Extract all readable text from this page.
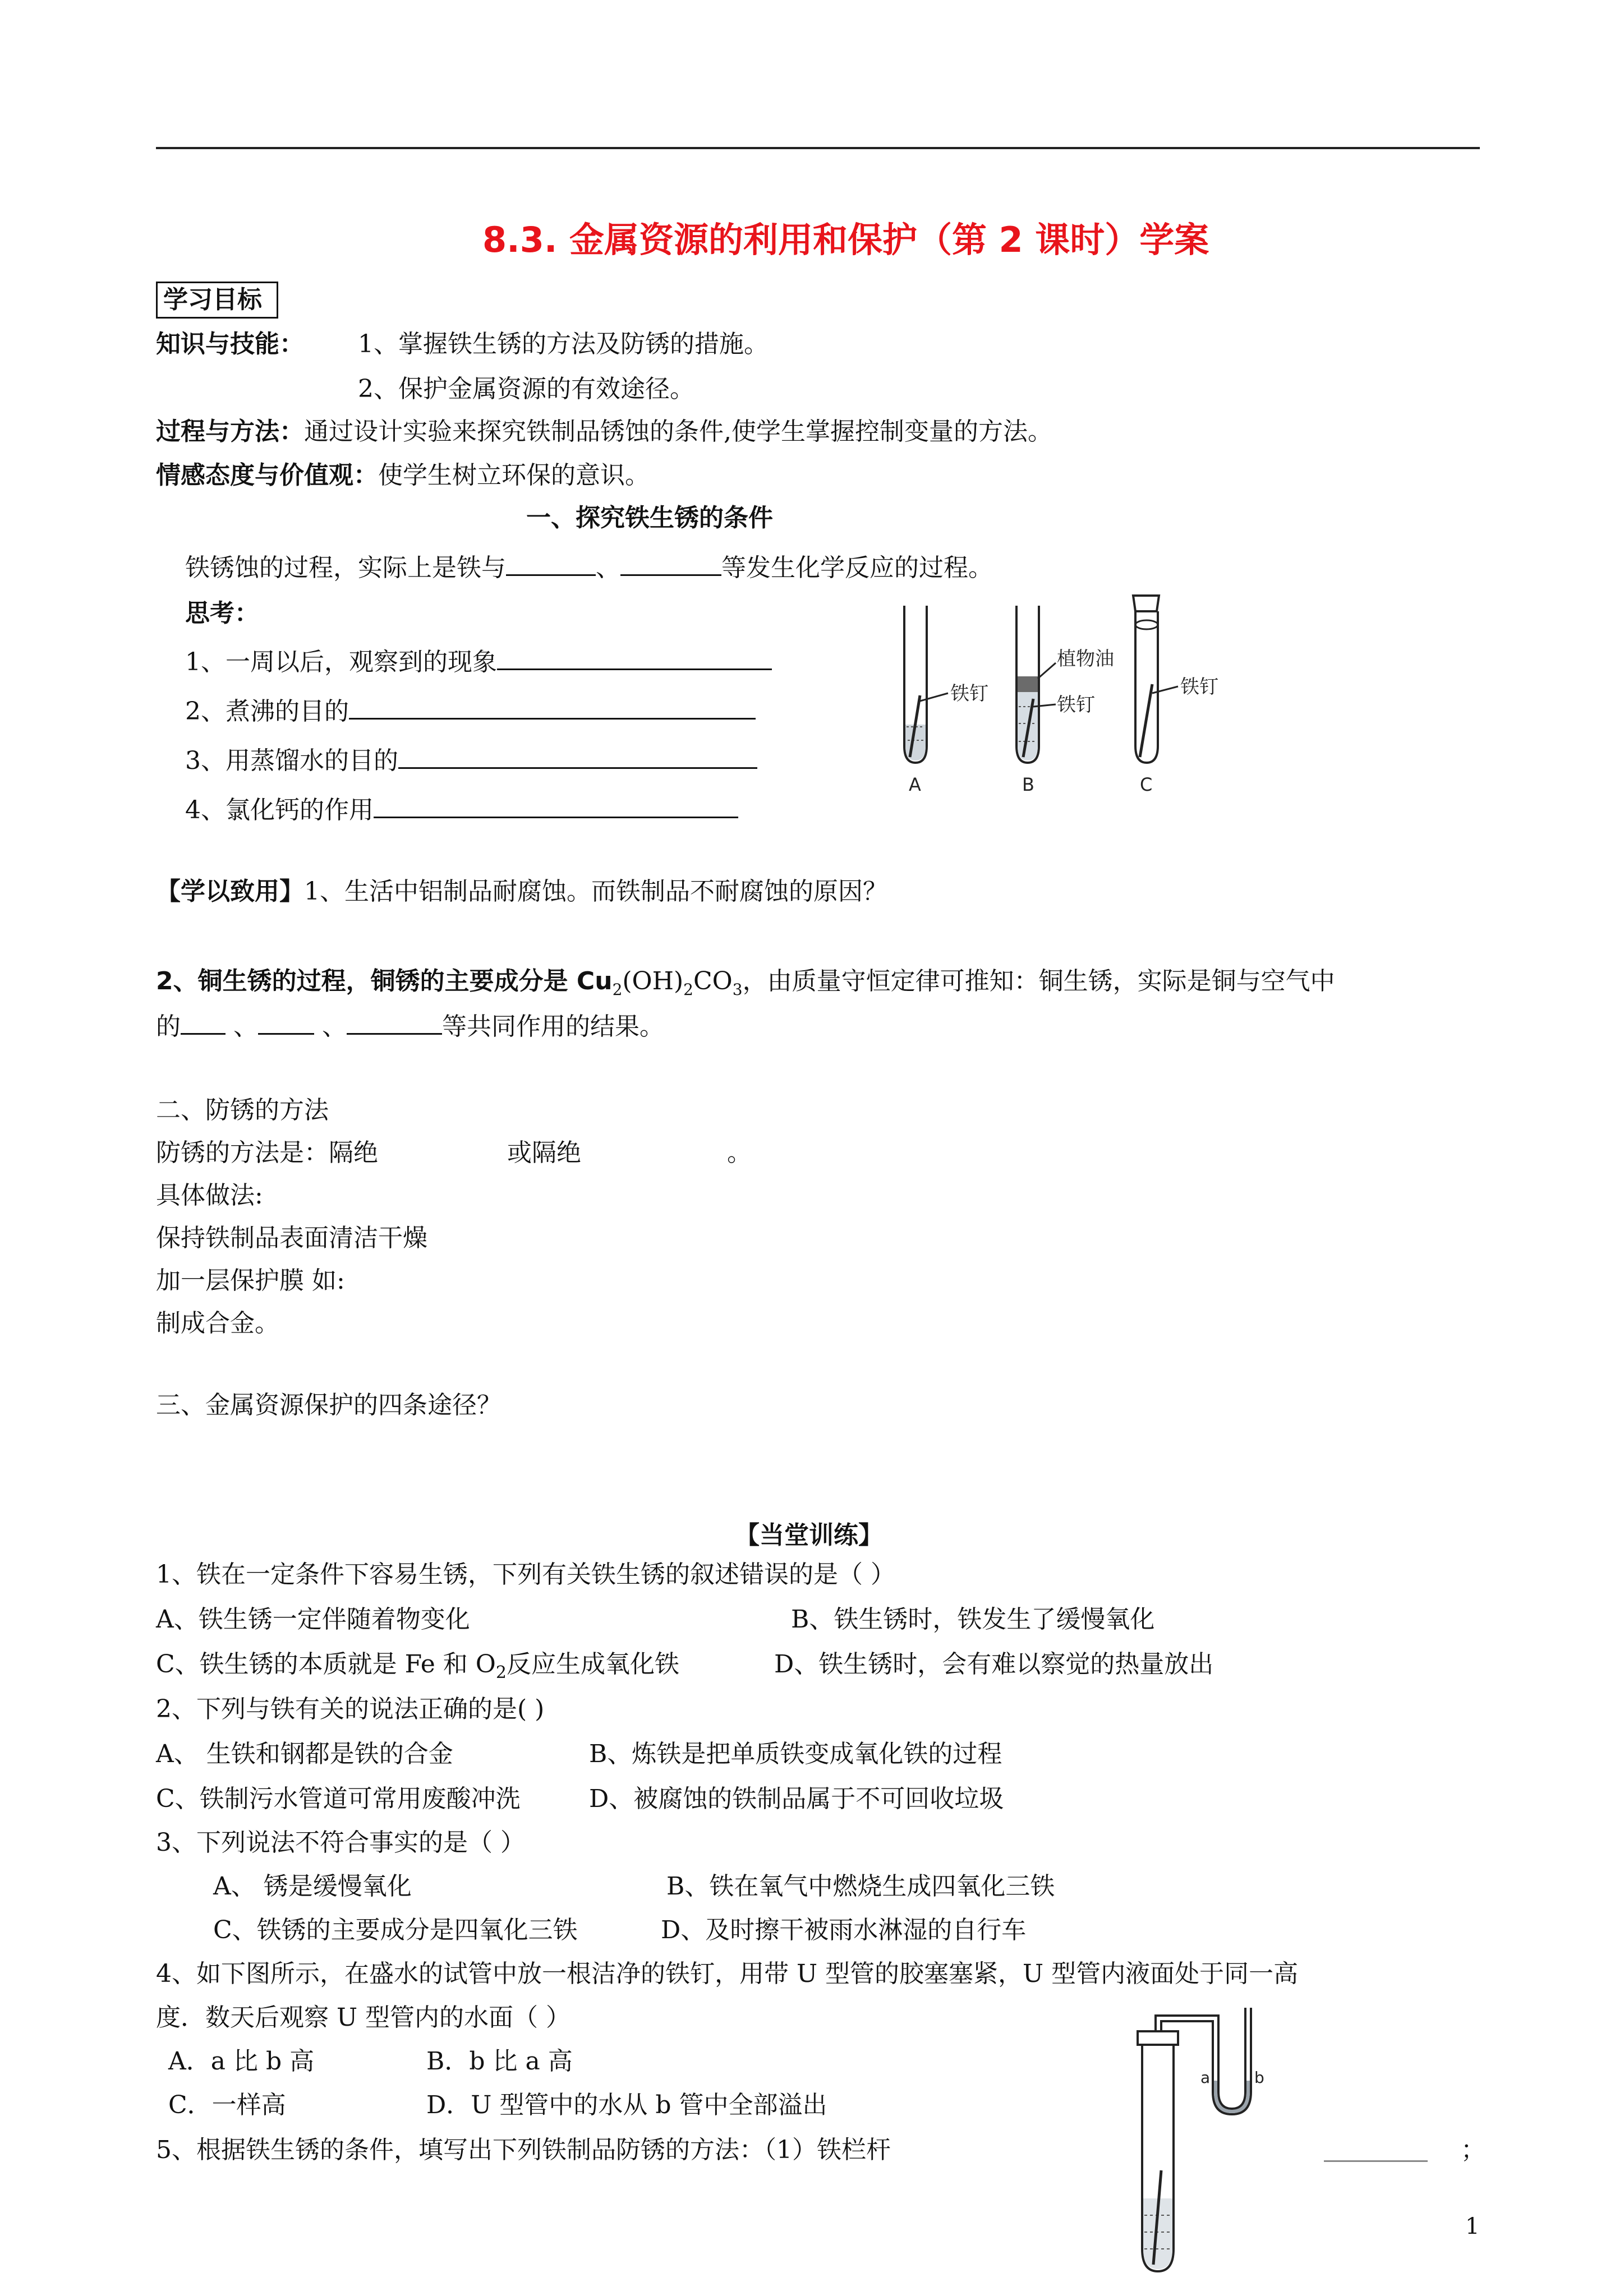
8.3. 金属资源的利用和保护（第 2 课时）学案
学习目标
知识与技能： 1、掌握铁生锈的方法及防锈的措施。
2、保护金属资源的有效途径。
过程与方法：通过设计实验来探究铁制品锈蚀的条件,使学生掌握控制变量的方法。
情感态度与价值观：使学生树立环保的意识。
一、探究铁生锈的条件
铁锈蚀的过程，实际上是铁与	、	等发生化学反应的过程。
思考：
1、一周以后，观察到的现象
2、煮沸的目的
3、用蒸馏水的目的
4、氯化钙的作用
铁钉
A
植物油
铁钉
B
铁钉
C
【学以致用】1、生活中铝制品耐腐蚀。而铁制品不耐腐蚀的原因？
2、铜生锈的过程，铜锈的主要成分是 $Cu_2(OH)_2CO_3$，由质量守恒定律可推知：铜生锈，实际是铜与空气中
的 、	、	等共同作用的结果。
二、防锈的方法
防锈的方法是：隔绝	或隔绝	。
具体做法:
保持铁制品表面清洁干燥
加一层保护膜 如:
制成合金。
三、金属资源保护的四条途径？
【当堂训练】
1、铁在一定条件下容易生锈，下列有关铁生锈的叙述错误的是（ ）
A、铁生锈一定伴随着物变化	B、铁生锈时，铁发生了缓慢氧化
C、铁生锈的本质就是 Fe 和 $O_2$反应生成氧化铁	D、铁生锈时，会有难以察觉的热量放出
2、下列与铁有关的说法正确的是( )
A、 生铁和钢都是铁的合金	B、炼铁是把单质铁变成氧化铁的过程
C、铁制污水管道可常用废酸冲洗	D、被腐蚀的铁制品属于不可回收垃圾
3、下列说法不符合事实的是（ ）
A、 锈是缓慢氧化	B、铁在氧气中燃烧生成四氧化三铁
C、铁锈的主要成分是四氧化三铁	D、及时擦干被雨水淋湿的自行车
4、如下图所示，在盛水的试管中放一根洁净的铁钉，用带 U 型管的胶塞塞紧，U 型管内液面处于同一高
度．数天后观察 U 型管内的水面（ ）
A．a 比 b 高	B．b 比 a 高
C．一样高	D．U 型管中的水从 b 管中全部溢出
5、根据铁生锈的条件，填写出下列铁制品防锈的方法：（1）铁栏杆	；
a	b
1
